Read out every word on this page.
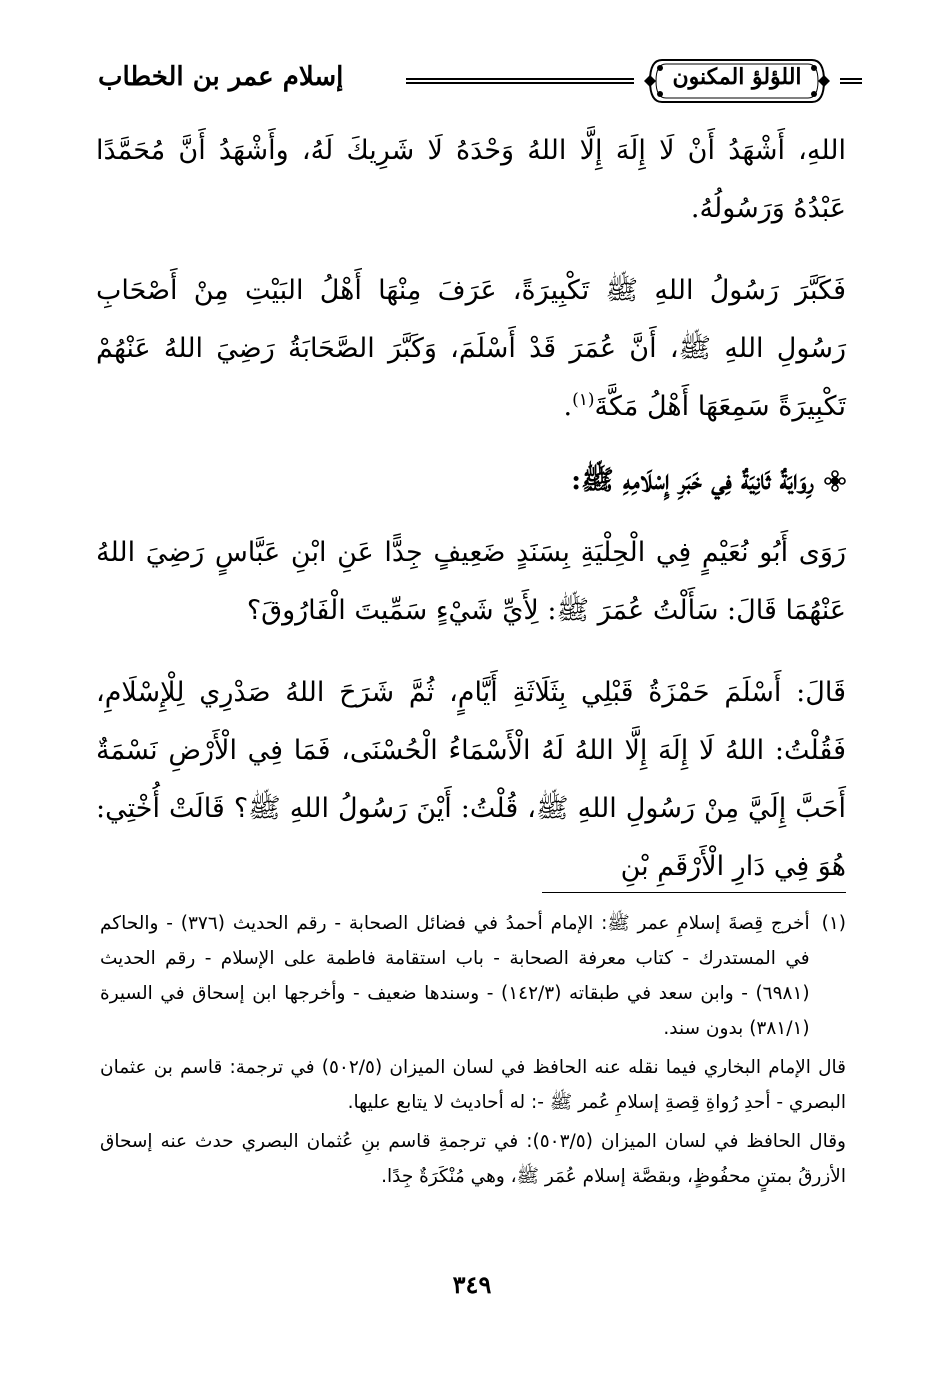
اللؤلؤ المكنون
إسلام عمر بن الخطاب

اللهِ، أَشْهَدُ أَنْ لَا إِلَهَ إِلَّا اللهُ وَحْدَهُ لَا شَرِيكَ لَهُ، وأَشْهَدُ أَنَّ مُحَمَّدًا عَبْدُهُ وَرَسُولُهُ.

فَكَبَّرَ رَسُولُ اللهِ ﷺ تَكْبِيرَةً، عَرَفَ مِنْهَا أَهْلُ البَيْتِ مِنْ أَصْحَابِ رَسُولِ اللهِ ﷺ، أَنَّ عُمَرَ قَدْ أَسْلَمَ، وَكَبَّرَ الصَّحَابَةُ رَضِيَ اللهُ عَنْهُمْ تَكْبِيرَةً سَمِعَهَا أَهْلُ مَكَّةَ$^{(١)}$.

رِوَايَةٌ ثَانِيَةٌ فِي خَبَرِ إِسْلَامِهِ ﷺ:

رَوَى أَبُو نُعَيْمٍ فِي الْحِلْيَةِ بِسَنَدٍ ضَعِيفٍ جِدًّا عَنِ ابْنِ عَبَّاسٍ رَضِيَ اللهُ عَنْهُمَا قَالَ: سَأَلْتُ عُمَرَ ﷺ: لِأَيِّ شَيْءٍ سَمِّيتَ الْفَارُوقَ؟

قَالَ: أَسْلَمَ حَمْزَةُ قَبْلِي بِثَلَاثَةِ أَيَّامٍ، ثُمَّ شَرَحَ اللهُ صَدْرِي لِلْإِسْلَامِ، فَقُلْتُ: اللهُ لَا إِلَهَ إِلَّا اللهُ لَهُ الْأَسْمَاءُ الْحُسْنَى، فَمَا فِي الْأَرْضِ نَسْمَةٌ أَحَبَّ إِلَيَّ مِنْ رَسُولِ اللهِ ﷺ، قُلْتُ: أَيْنَ رَسُولُ اللهِ ﷺ؟ قَالَتْ أُخْتِي: هُوَ فِي دَارِ الْأَرْقَمِ بْنِ

(١)

أخرج قِصةَ إسلامِ عمر ﷺ: الإمام أحمدُ في فضائل الصحابة - رقم الحديث (٣٧٦) - والحاكم في المستدرك - كتاب معرفة الصحابة - باب استقامة فاطمة على الإسلام - رقم الحديث (٦٩٨١) - وابن سعد في طبقاته (١٤٢/٣) - وسندها ضعيف - وأخرجها ابن إسحاق في السيرة (٣٨١/١) بدون سند.

قال الإمام البخاري فيما نقله عنه الحافظ في لسان الميزان (٥٠٢/٥) في ترجمة: قاسم بن عثمان البصري - أحدِ رُواةِ قِصةِ إسلامِ عُمر ﷺ -: له أحاديث لا يتابع عليها.

وقال الحافظ في لسان الميزان (٥٠٣/٥): في ترجمةِ قاسم بنِ عُثمان البصري حدث عنه إسحاق الأزرقُ بمتنٍ محفُوظٍ، وبقصَّة إسلام عُمَر ﷺ، وهي مُنْكَرَةٌ جِدًا.

٣٤٩
